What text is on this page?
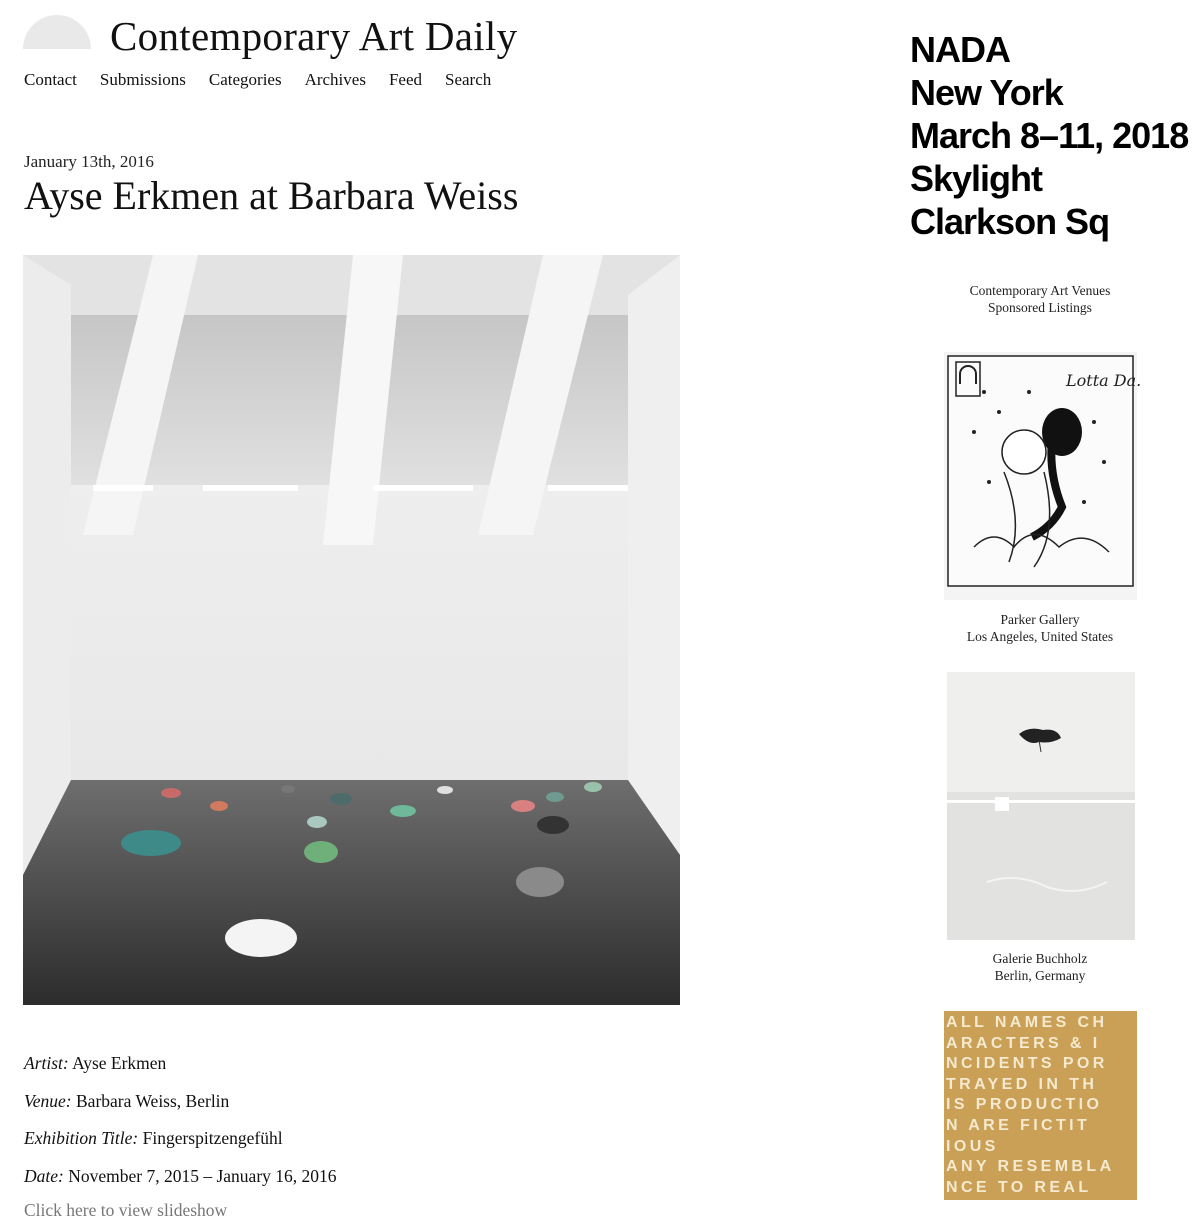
Contemporary Art Daily
Contact Submissions Categories Archives Feed Search
January 13th, 2016
Ayse Erkmen at Barbara Weiss
Artist: Ayse Erkmen
Venue: Barbara Weiss, Berlin
Exhibition Title: Fingerspitzengefühl
Date: November 7, 2015 – January 16, 2016
Click here to view slideshow
NADA
New York
March 8–11, 2018
Skylight
Clarkson Sq
Contemporary Art Venues
Sponsored Listings
Lotta Da.
Parker Gallery
Los Angeles, United States
Galerie Buchholz
Berlin, Germany
ALL NAMES CH
ARACTERS & I
NCIDENTS POR
TRAYED IN TH
IS PRODUCTIO
N ARE FICTIT
IOUS
ANY RESEMBLA
NCE TO REAL
